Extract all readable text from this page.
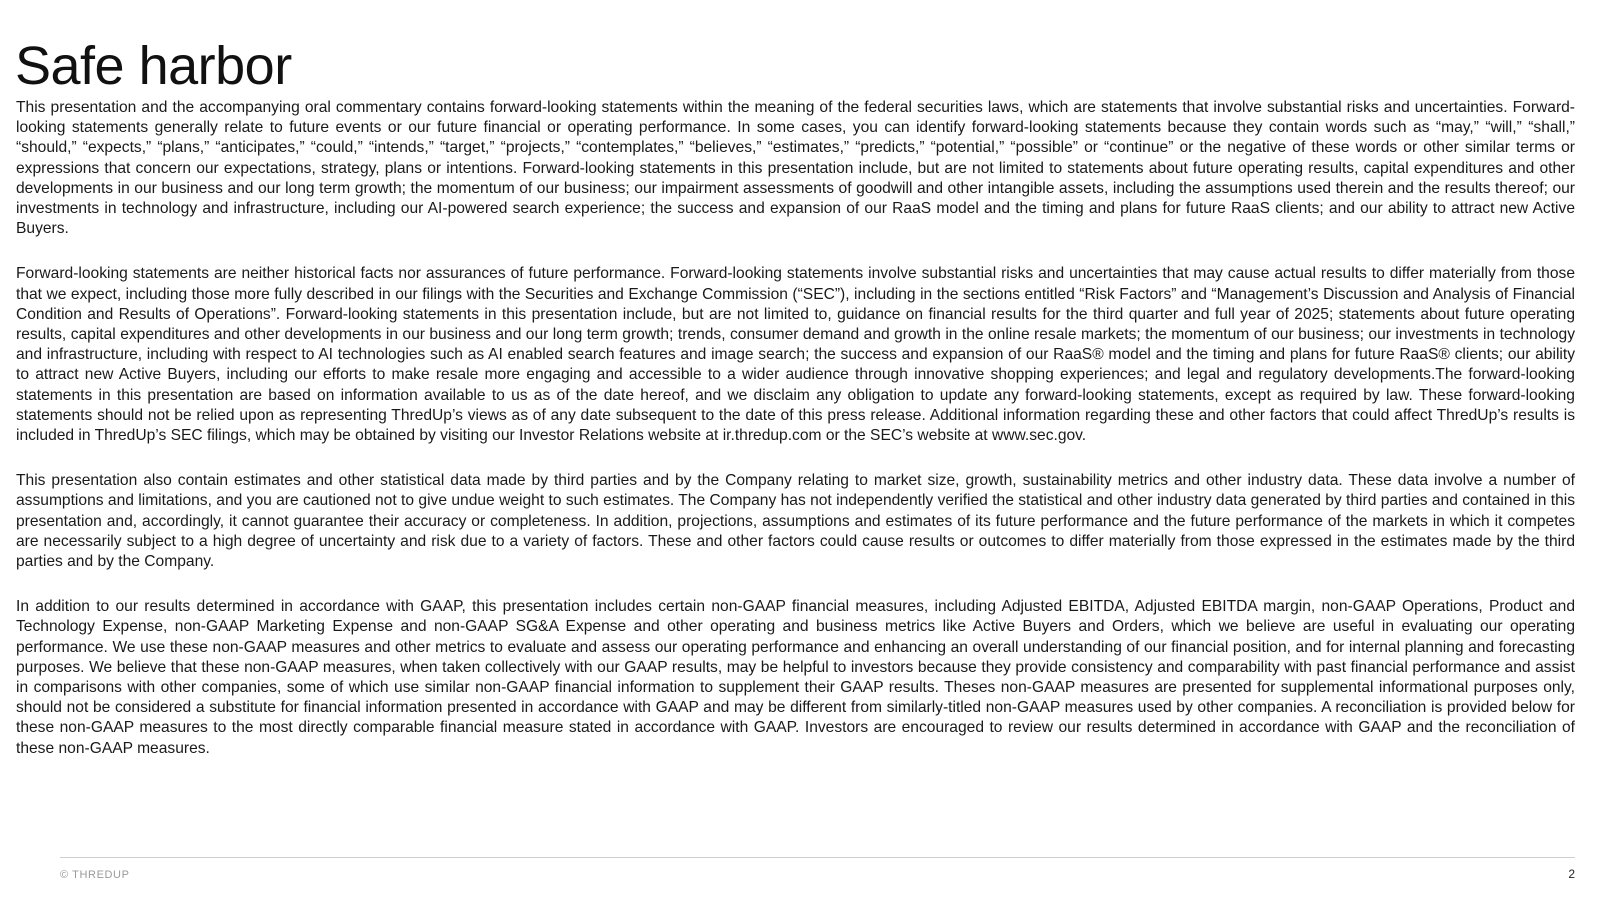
Safe harbor

This presentation and the accompanying oral commentary contains forward-looking statements within the meaning of the federal securities laws, which are statements that involve substantial risks and uncertainties. Forward-looking statements generally relate to future events or our future financial or operating performance. In some cases, you can identify forward-looking statements because they contain words such as “may,” “will,” “shall,” “should,” “expects,” “plans,” “anticipates,” “could,” “intends,” “target,” “projects,” “contemplates,” “believes,” “estimates,” “predicts,” “potential,” “possible” or “continue” or the negative of these words or other similar terms or expressions that concern our expectations, strategy, plans or intentions. Forward-looking statements in this presentation include, but are not limited to statements about future operating results, capital expenditures and other developments in our business and our long term growth; the momentum of our business; our impairment assessments of goodwill and other intangible assets, including the assumptions used therein and the results thereof; our investments in technology and infrastructure, including our AI-powered search experience; the success and expansion of our RaaS model and the timing and plans for future RaaS clients; and our ability to attract new Active Buyers.

Forward-looking statements are neither historical facts nor assurances of future performance. Forward-looking statements involve substantial risks and uncertainties that may cause actual results to differ materially from those that we expect, including those more fully described in our filings with the Securities and Exchange Commission (“SEC”), including in the sections entitled “Risk Factors” and “Management’s Discussion and Analysis of Financial Condition and Results of Operations”. Forward-looking statements in this presentation include, but are not limited to, guidance on financial results for the third quarter and full year of 2025; statements about future operating results, capital expenditures and other developments in our business and our long term growth; trends, consumer demand and growth in the online resale markets; the momentum of our business; our investments in technology and infrastructure, including with respect to AI technologies such as AI enabled search features and image search; the success and expansion of our RaaS® model and the timing and plans for future RaaS® clients; our ability to attract new Active Buyers, including our efforts to make resale more engaging and accessible to a wider audience through innovative shopping experiences; and legal and regulatory developments.The forward-looking statements in this presentation are based on information available to us as of the date hereof, and we disclaim any obligation to update any forward-looking statements, except as required by law. These forward-looking statements should not be relied upon as representing ThredUp’s views as of any date subsequent to the date of this press release. Additional information regarding these and other factors that could affect ThredUp’s results is included in ThredUp’s SEC filings, which may be obtained by visiting our Investor Relations website at ir.thredup.com or the SEC’s website at www.sec.gov.

This presentation also contain estimates and other statistical data made by third parties and by the Company relating to market size, growth, sustainability metrics and other industry data. These data involve a number of assumptions and limitations, and you are cautioned not to give undue weight to such estimates. The Company has not independently verified the statistical and other industry data generated by third parties and contained in this presentation and, accordingly, it cannot guarantee their accuracy or completeness. In addition, projections, assumptions and estimates of its future performance and the future performance of the markets in which it competes are necessarily subject to a high degree of uncertainty and risk due to a variety of factors. These and other factors could cause results or outcomes to differ materially from those expressed in the estimates made by the third parties and by the Company.

In addition to our results determined in accordance with GAAP, this presentation includes certain non-GAAP financial measures, including Adjusted EBITDA, Adjusted EBITDA margin, non-GAAP Operations, Product and Technology Expense, non-GAAP Marketing Expense and non-GAAP SG&A Expense and other operating and business metrics like Active Buyers and Orders, which we believe are useful in evaluating our operating performance. We use these non-GAAP measures and other metrics to evaluate and assess our operating performance and enhancing an overall understanding of our financial position, and for internal planning and forecasting purposes. We believe that these non-GAAP measures, when taken collectively with our GAAP results, may be helpful to investors because they provide consistency and comparability with past financial performance and assist in comparisons with other companies, some of which use similar non-GAAP financial information to supplement their GAAP results. Theses non-GAAP measures are presented for supplemental informational purposes only, should not be considered a substitute for financial information presented in accordance with GAAP and may be different from similarly-titled non-GAAP measures used by other companies. A reconciliation is provided below for these non-GAAP measures to the most directly comparable financial measure stated in accordance with GAAP. Investors are encouraged to review our results determined in accordance with GAAP and the reconciliation of these non-GAAP measures.

© THREDUP	2
